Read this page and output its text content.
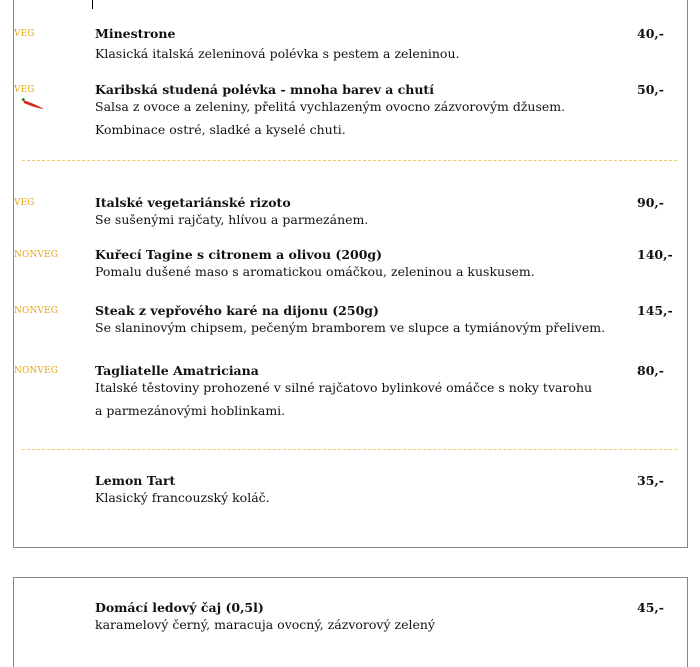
VEG	Minestrone	40,-
Klasická italská zeleninová polévka s pestem a zeleninou.
VEG	Karibská studená polévka - mnoha barev a chutí	50,-
Salsa z ovoce a zeleniny, přelitá vychlazeným ovocno zázvorovým džusem.
Kombinace ostré, sladké a kyselé chuti.
VEG	Italské vegetariánské rizoto	90,-
Se sušenými rajčaty, hlívou a parmezánem.
NONVEG	Kuřecí Tagine s citronem a olivou (200g)	140,-
Pomalu dušené maso s aromatickou omáčkou, zeleninou a kuskusem.
NONVEG	Steak z vepřového karé na dijonu (250g)	145,-
Se slaninovým chipsem, pečeným bramborem ve slupce a tymiánovým přelivem.
NONVEG	Tagliatelle Amatriciana	80,-
Italské těstoviny prohozené v silné rajčatovo bylinkové omáčce s noky tvarohu
a parmezánovými hoblinkami.
Lemon Tart	35,-
Klasický francouzský koláč.
Domácí ledový čaj (0,5l)	45,-
karamelový černý, maracuja ovocný, zázvorový zelený
